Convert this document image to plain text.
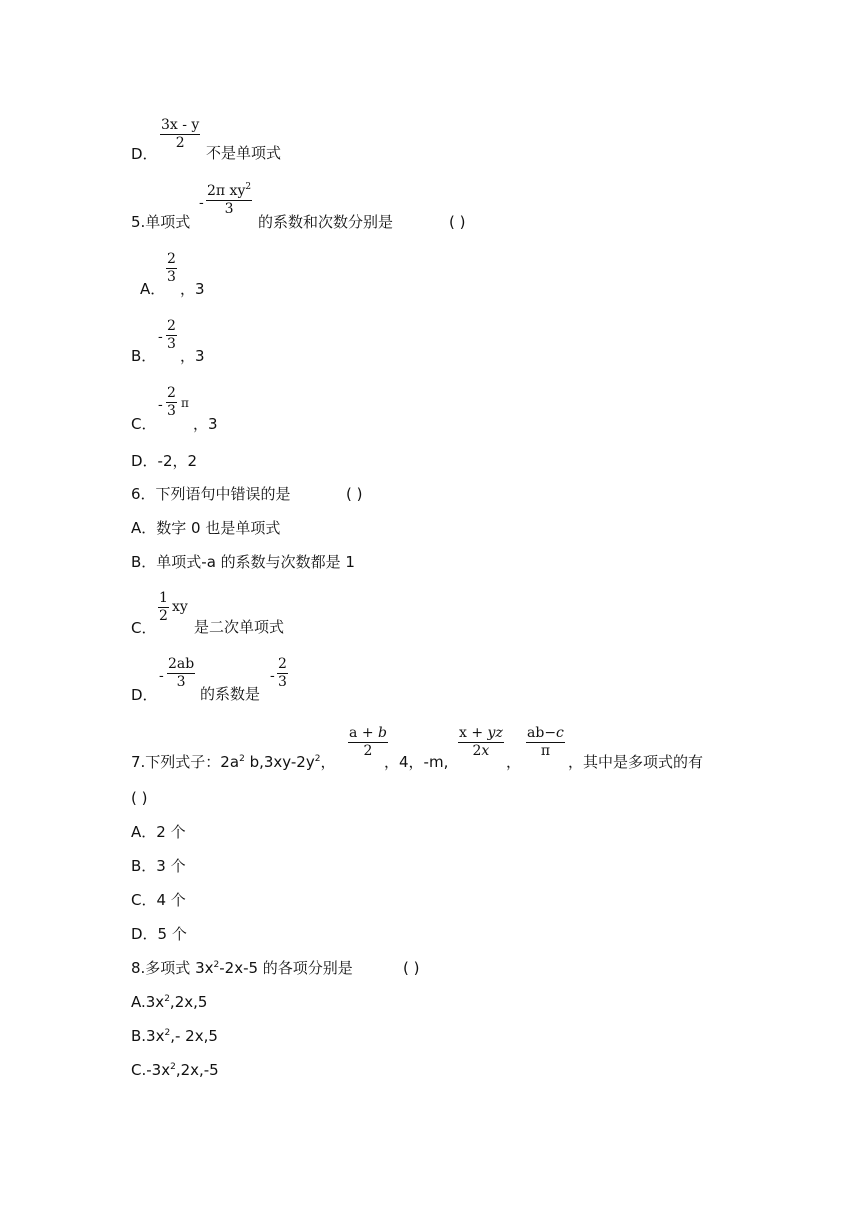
$\frac{3x - y}{2}$
D．	不是单项式
5.单项式
- $\frac{2\pi xy^2}{3}$
的系数和次数分别是	( )
A．
$\frac{2}{3}$
，3
B．
- $\frac{2}{3}$
，3
C．
- $\frac{2}{3}$ π
，3
D．-2，2
6．下列语句中错误的是	( )
A．数字 0 也是单项式
B．单项式-a 的系数与次数都是 1
C．
$\frac{1}{2}$ xy
是二次单项式
D．
- $\frac{2ab}{3}$
的系数是
- $\frac{2}{3}$
7.下列式子：$2a^2$ $b,3xy-2y^2$，
$\frac{a + b}{2}$
，4，-m,
$\frac{x + yz}{2x}$
，
$\frac{ab-c}{\pi}$
，其中是多项式的有
( )
A．2 个
B．3 个
C．4 个
D．5 个
8.多项式 $3x^2-2x-5$ 的各项分别是	( )
$A.3x^2,2x,5$
$B.3x^2,-$ 2x,5
$C.-3x^2,2x,-5$
